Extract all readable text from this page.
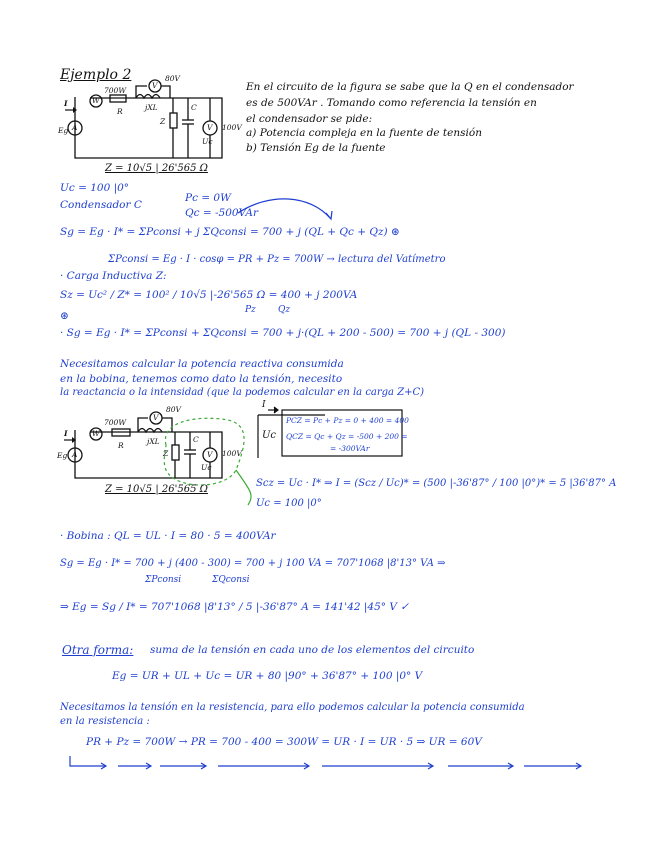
Ejemplo 2
En el circuito de la figura se sabe que la Q en el condensador
es de 500VAr . Tomando como referencia la tensión en
el condensador se pide:
a) Potencia compleja en la fuente de tensión
b) Tensión Eg de la fuente
700W
80V
I	W
V
A
Eg
R	jXL	C
Z
V
Uc
100V
Z = 10√5 | 26'565 Ω
Uc = 100 |0°
Condensador C
Pc = 0W
Qc = -500VAr
Sg = Eg · I* = ΣPconsi + j ΣQconsi = 700 + j (QL + Qc + Qz) ⊛
ΣPconsi = Eg · I · cosφ = PR + Pz = 700W → lectura del Vatímetro
· Carga Inductiva Z:
Sz = Uc² / Z* = 100² / 10√5 |-26'565 Ω = 400 + j 200VA
Pz Qz
⊛
· Sg = Eg · I* = ΣPconsi + ΣQconsi = 700 + j·(QL + 200 - 500) = 700 + j (QL - 300)
Necesitamos calcular la potencia reactiva consumida
en la bobina, tenemos como dato la tensión, necesito
la reactancia o la intensidad (que la podemos calcular en la carga Z+C)
700W
80V
I	W
V
A
Eg
R	jXL	C
Z	V
Uc
100V
Z = 10√5 | 26'565 Ω
I
Uc
PCZ = Pc + Pz = 0 + 400 = 400
QCZ = Qc + Qz = -500 + 200 =
= -300VAr
Scz = Uc · I* ⇒ I = (Scz / Uc)* = (500 |-36'87° / 100 |0°)* = 5 |36'87° A
Uc = 100 |0°
· Bobina : QL = UL · I = 80 · 5 = 400VAr
Sg = Eg · I* = 700 + j (400 - 300) = 700 + j 100 VA = 707'1068 |8'13° VA ⇒
ΣPconsi	ΣQconsi
⇒ Eg = Sg / I* = 707'1068 |8'13° / 5 |-36'87° A = 141'42 |45° V ✓
Otra forma: suma de la tensión en cada uno de los elementos del circuito
Eg = UR + UL + Uc = UR + 80 |90° + 36'87° + 100 |0° V
Necesitamos la tensión en la resistencia, para ello podemos calcular la potencia consumida
en la resistencia :
PR + Pz = 700W → PR = 700 - 400 = 300W = UR · I = UR · 5 ⇒ UR = 60V
